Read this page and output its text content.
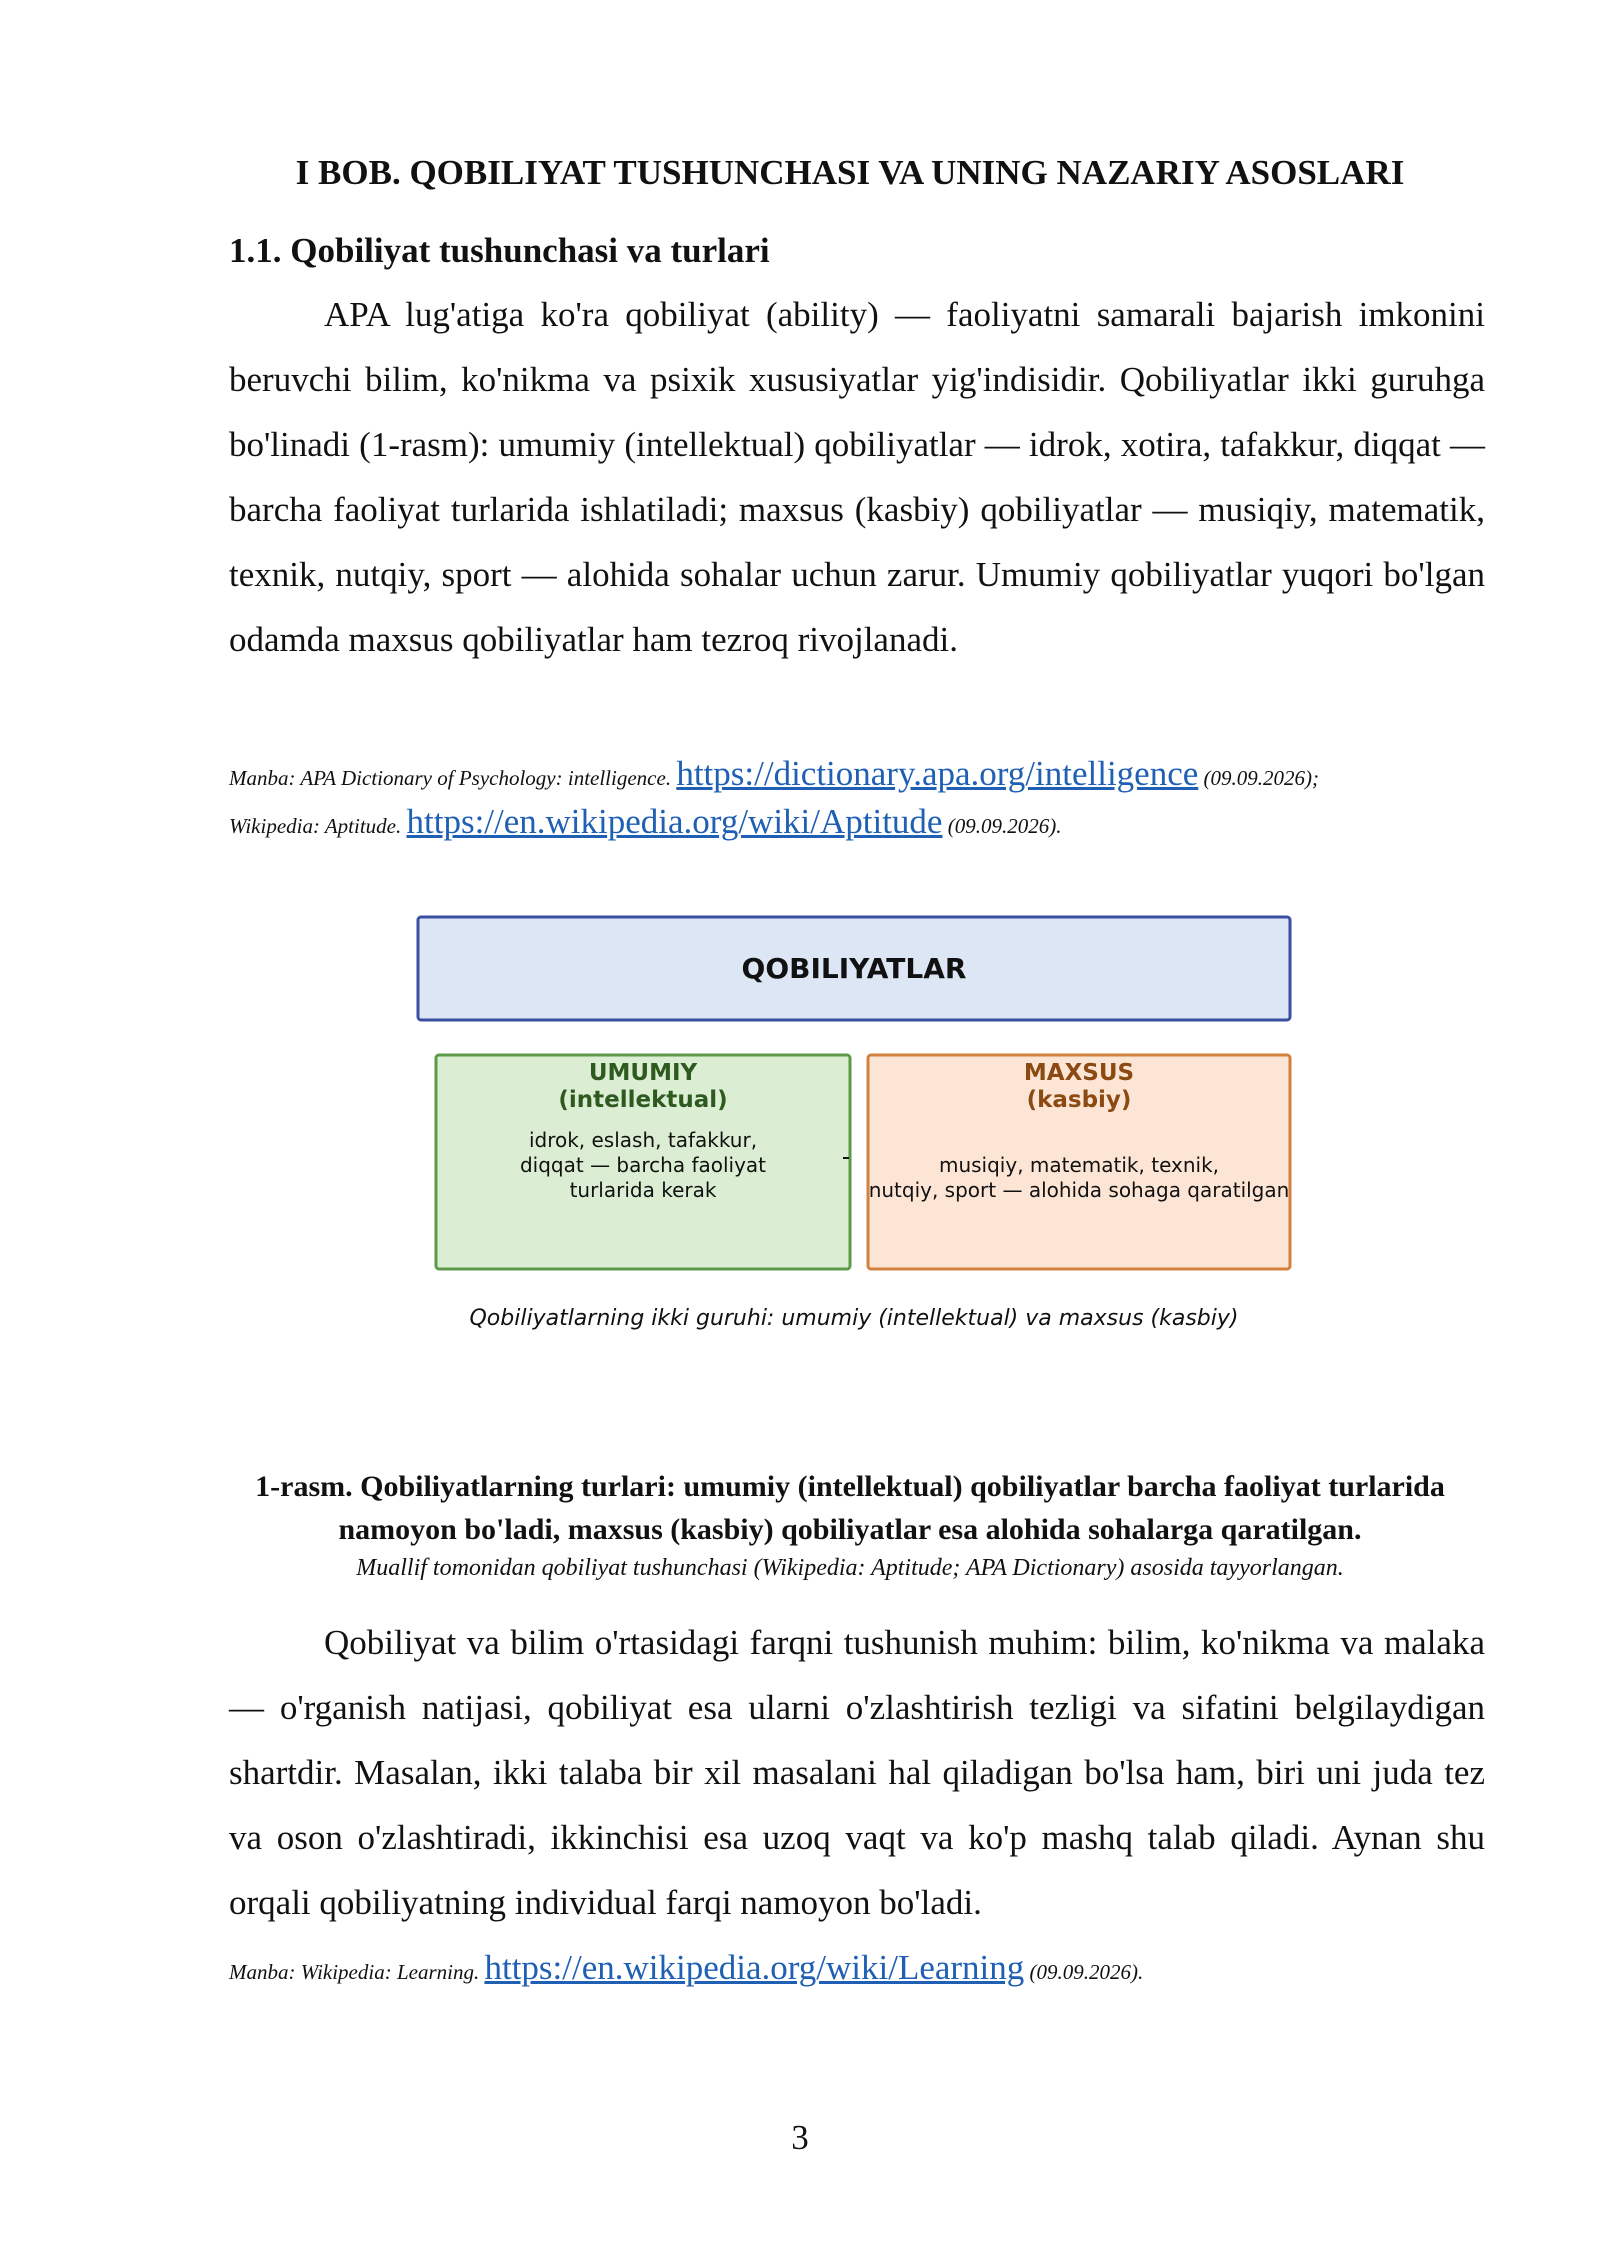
I BOB. QOBILIYAT TUSHUNCHASI VA UNING NAZARIY ASOSLARI
1.1. Qobiliyat tushunchasi va turlari

APA lug'atiga ko'ra qobiliyat (ability) — faoliyatni samarali bajarish imkonini beruvchi bilim, ko'nikma va psixik xususiyatlar yig'indisidir. Qobiliyatlar ikki guruhga bo'linadi (1-rasm): umumiy (intellektual) qobiliyatlar — idrok, xotira, tafakkur, diqqat — barcha faoliyat turlarida ishlatiladi; maxsus (kasbiy) qobiliyatlar — musiqiy, matematik, texnik, nutqiy, sport — alohida sohalar uchun zarur. Umumiy qobiliyatlar yuqori bo'lgan odamda maxsus qobiliyatlar ham tezroq rivojlanadi.

Manba: APA Dictionary of Psychology: intelligence. https://dictionary.apa.org/intelligence (09.09.2026);
Wikipedia: Aptitude. https://en.wikipedia.org/wiki/Aptitude (09.09.2026).
QOBILIYATLAR
UMUMIY
(intellektual)
idrok, eslash, tafakkur,
diqqat — barcha faoliyat
turlarida kerak
MAXSUS
(kasbiy)
musiqiy, matematik, texnik,
nutqiy, sport — alohida sohaga qaratilgan
Qobiliyatlarning ikki guruhi: umumiy (intellektual) va maxsus (kasbiy)
1-rasm. Qobiliyatlarning turlari: umumiy (intellektual) qobiliyatlar barcha faoliyat turlarida namoyon bo'ladi, maxsus (kasbiy) qobiliyatlar esa alohida sohalarga qaratilgan.
Muallif tomonidan qobiliyat tushunchasi (Wikipedia: Aptitude; APA Dictionary) asosida tayyorlangan.

Qobiliyat va bilim o'rtasidagi farqni tushunish muhim: bilim, ko'nikma va malaka — o'rganish natijasi, qobiliyat esa ularni o'zlashtirish tezligi va sifatini belgilaydigan shartdir. Masalan, ikki talaba bir xil masalani hal qiladigan bo'lsa ham, biri uni juda tez va oson o'zlashtiradi, ikkinchisi esa uzoq vaqt va ko'p mashq talab qiladi. Aynan shu orqali qobiliyatning individual farqi namoyon bo'ladi.

Manba: Wikipedia: Learning. https://en.wikipedia.org/wiki/Learning (09.09.2026).
3
